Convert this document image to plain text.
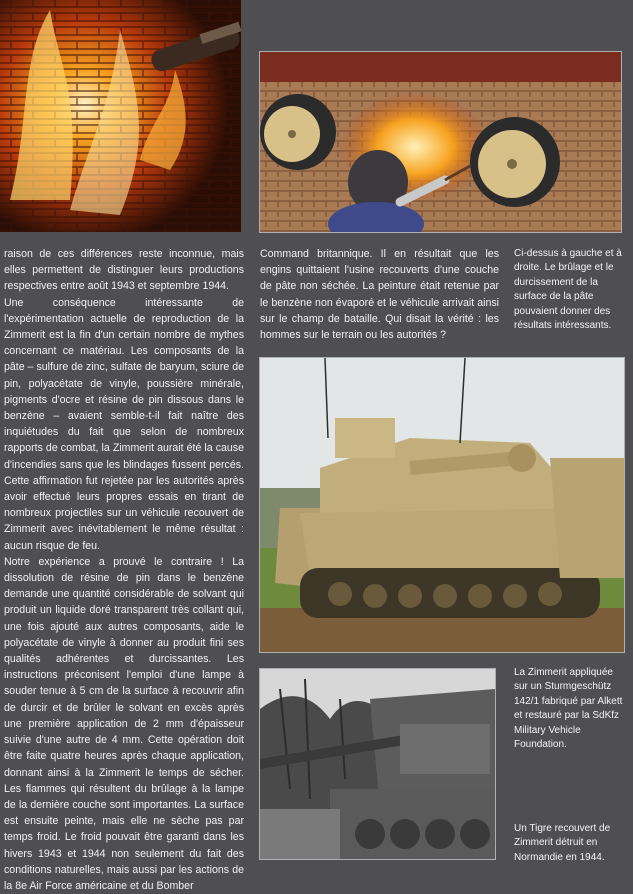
raison de ces différences reste inconnue, mais elles permettent de distinguer leurs productions respectives entre août 1943 et septembre 1944.

Une conséquence intéressante de l'expérimentation actuelle de reproduction de la Zimmerit est la fin d'un certain nombre de mythes concernant ce matériau. Les composants de la pâte – sulfure de zinc, sulfate de baryum, sciure de pin, polyacétate de vinyle, poussière minérale, pigments d'ocre et résine de pin dissous dans le benzène – avaient semble-t-il fait naître des inquiétudes du fait que selon de nombreux rapports de combat, la Zimmerit aurait été la cause d'incendies sans que les blindages fussent percés. Cette affirmation fut rejetée par les autorités après avoir effectué leurs propres essais en tirant de nombreux projectiles sur un véhicule recouvert de Zimmerit avec inévitablement le même résultat : aucun risque de feu.

Notre expérience a prouvé le contraire ! La dissolution de résine de pin dans le benzène demande une quantité considérable de solvant qui produit un liquide doré transparent très collant qui, une fois ajouté aux autres composants, aide le polyacétate de vinyle à donner au produit fini ses qualités adhérentes et durcissantes. Les instructions préconisent l'emploi d'une lampe à souder tenue à 5 cm de la surface à recouvrir afin de durcir et de brûler le solvant en excès après une première application de 2 mm d'épaisseur suivie d'une autre de 4 mm. Cette opération doit être faite quatre heures après chaque application, donnant ainsi à la Zimmerit le temps de sécher. Les flammes qui résultent du brûlage à la lampe de la dernière couche sont importantes. La surface est ensuite peinte, mais elle ne sèche pas par temps froid. Le froid pouvait être garanti dans les hivers 1943 et 1944 non seulement du fait des conditions naturelles, mais aussi par les actions de la 8e Air Force américaine et du Bomber

Command britannique. Il en résultait que les engins quittaient l'usine recouverts d'une couche de pâte non séchée. La peinture était retenue par le benzène non évaporé et le véhicule arrivait ainsi sur le champ de bataille. Qui disait la vérité : les hommes sur le terrain ou les autorités ?

Ci-dessus à gauche et à droite. Le brûlage et le durcissement de la surface de la pâte pouvaient donner des résultats intéressants.

La Zimmerit appliquée sur un Sturmgeschütz 142/1 fabriqué par Alkett et restauré par la SdKfz Military Vehicle Foundation.

Un Tigre recouvert de Zimmerit détruit en Normandie en 1944.
